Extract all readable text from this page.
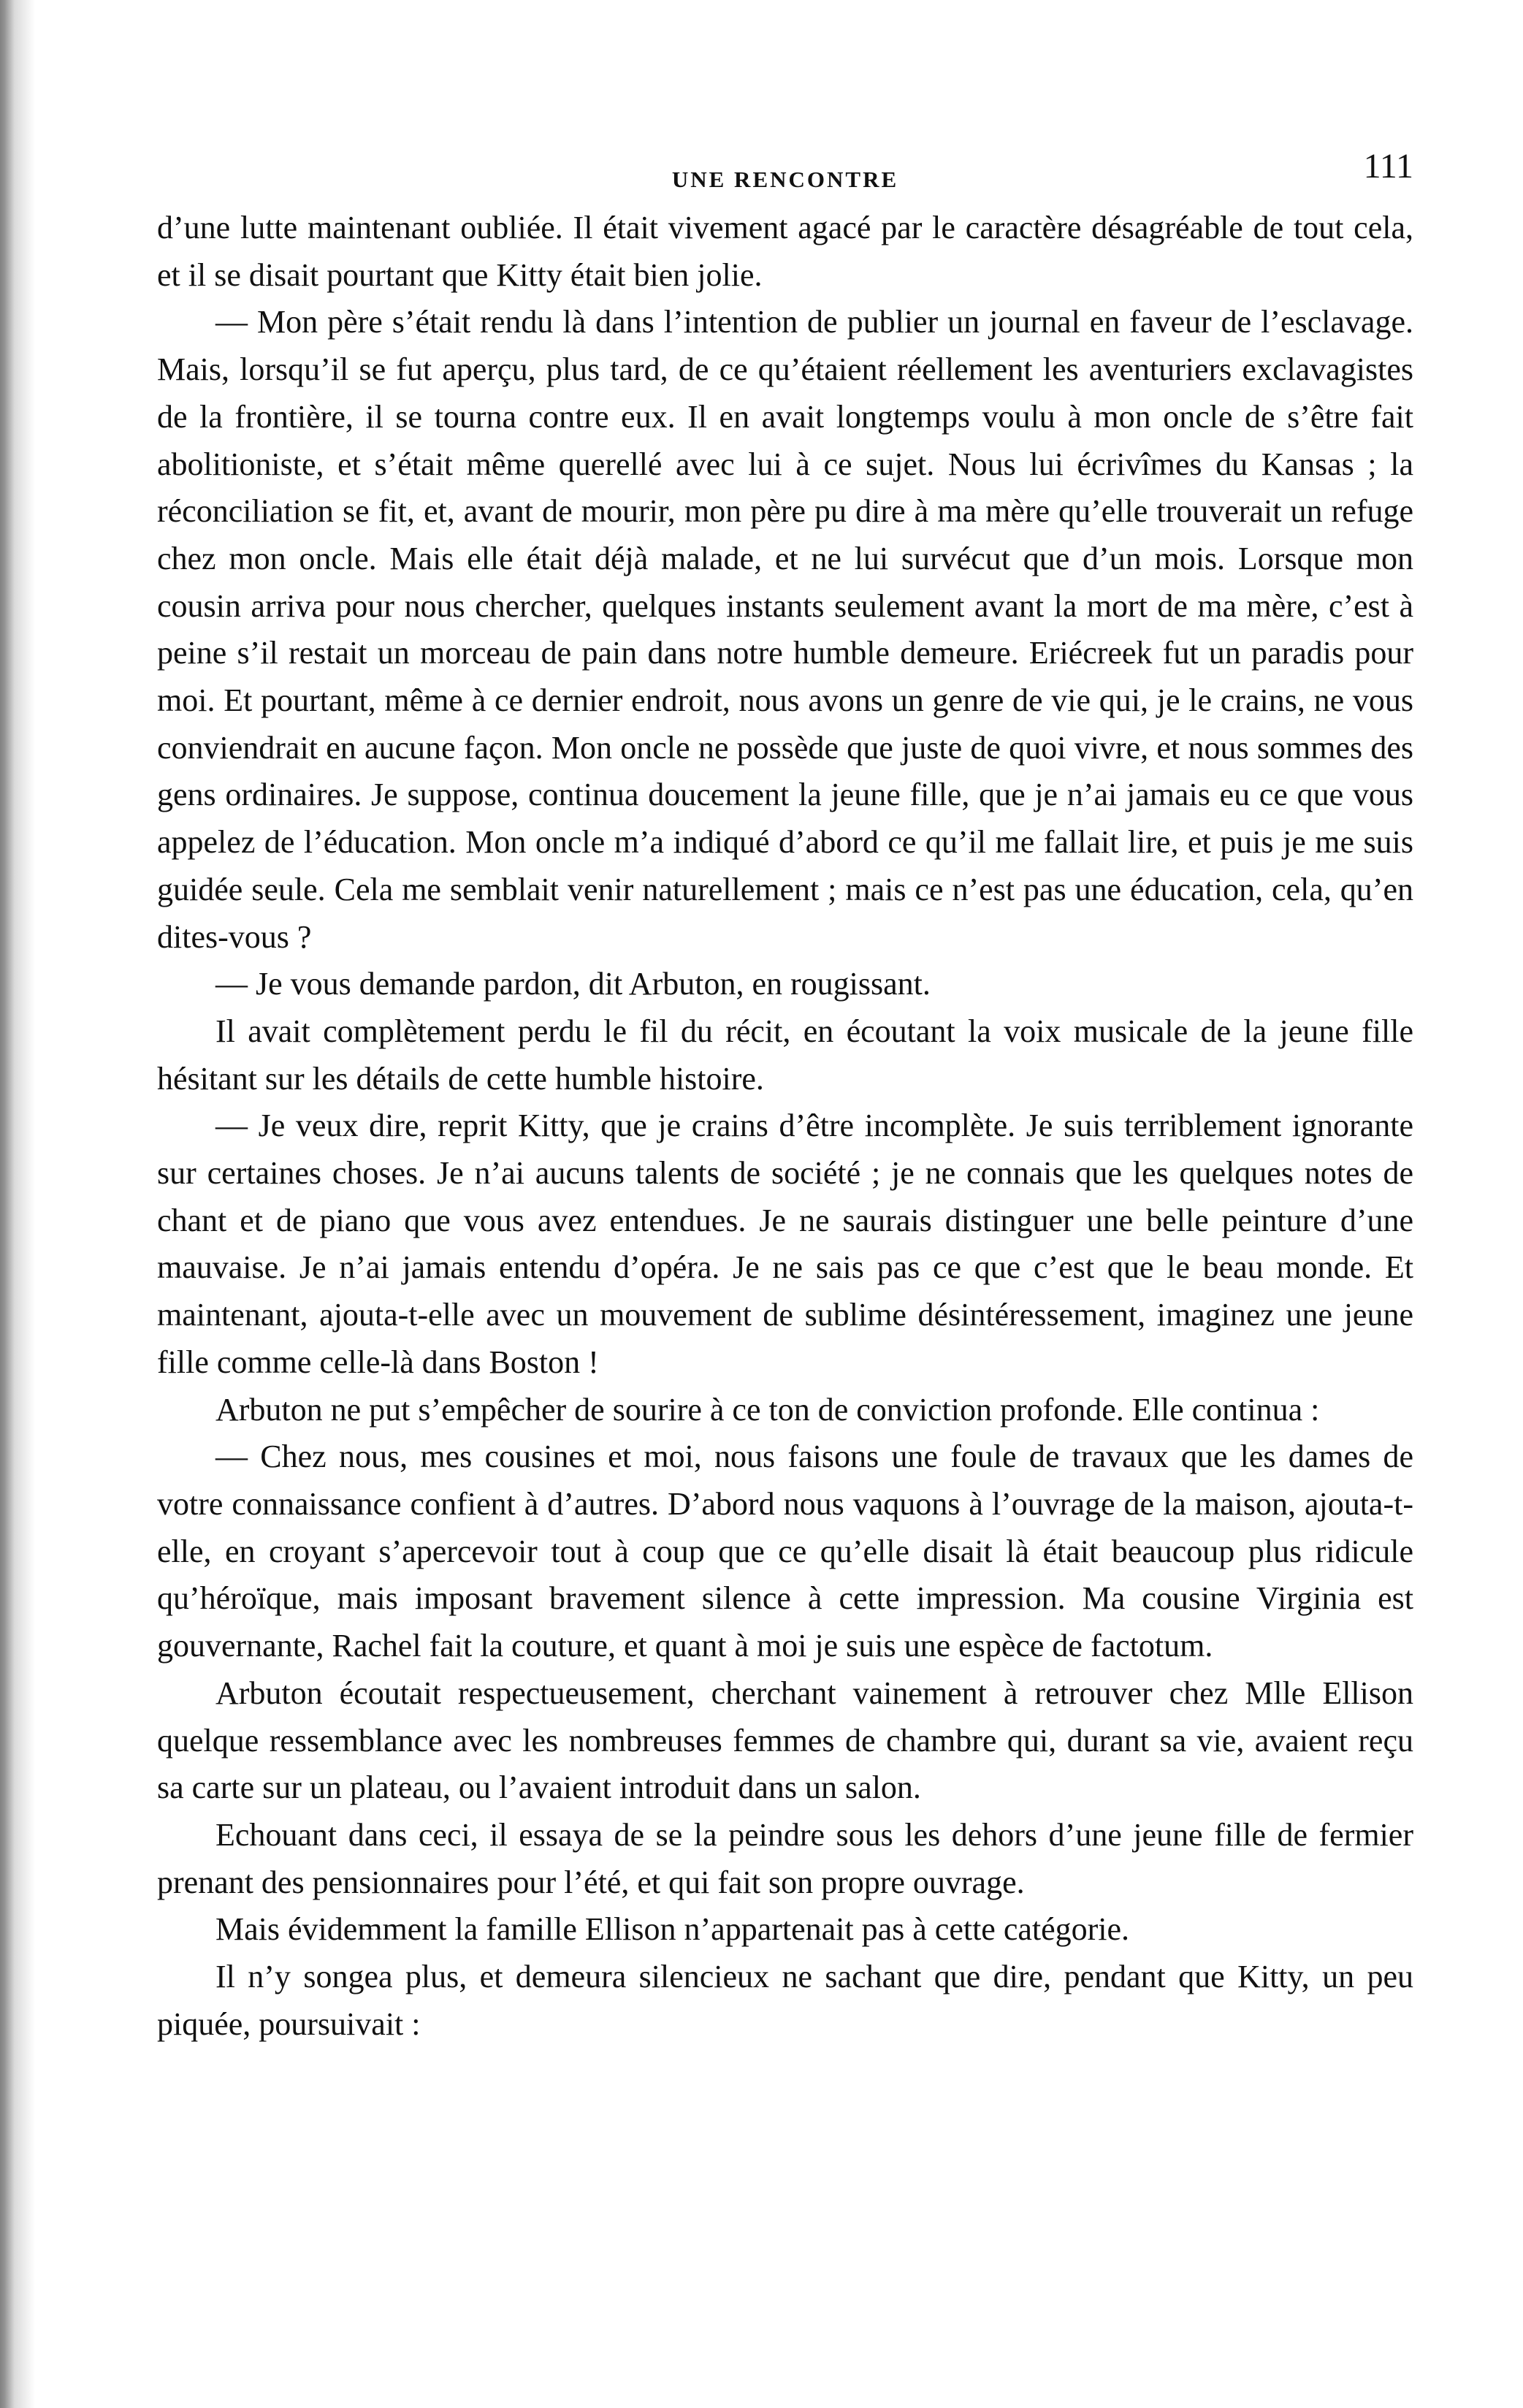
UNE RENCONTRE	111

d’une lutte maintenant oubliée. Il était vivement agacé par le caractère désagréable de tout cela, et il se disait pourtant que Kitty était bien jolie.

— Mon père s’était rendu là dans l’intention de publier un journal en faveur de l’esclavage. Mais, lorsqu’il se fut aperçu, plus tard, de ce qu’étaient réellement les aventuriers exclavagistes de la frontière, il se tourna contre eux. Il en avait longtemps voulu à mon oncle de s’être fait abolitioniste, et s’était même querellé avec lui à ce sujet. Nous lui écrivîmes du Kansas ; la réconciliation se fit, et, avant de mourir, mon père pu dire à ma mère qu’elle trouverait un refuge chez mon oncle. Mais elle était déjà malade, et ne lui survécut que d’un mois. Lorsque mon cousin arriva pour nous chercher, quelques instants seulement avant la mort de ma mère, c’est à peine s’il restait un morceau de pain dans notre humble demeure. Eriécreek fut un paradis pour moi. Et pourtant, même à ce dernier endroit, nous avons un genre de vie qui, je le crains, ne vous conviendrait en aucune façon. Mon oncle ne possède que juste de quoi vivre, et nous sommes des gens ordinaires. Je suppose, continua doucement la jeune fille, que je n’ai jamais eu ce que vous appelez de l’éducation. Mon oncle m’a indiqué d’abord ce qu’il me fallait lire, et puis je me suis guidée seule. Cela me semblait venir naturellement ; mais ce n’est pas une éducation, cela, qu’en dites-vous ?

— Je vous demande pardon, dit Arbuton, en rougissant.

Il avait complètement perdu le fil du récit, en écoutant la voix musicale de la jeune fille hésitant sur les détails de cette humble histoire.

— Je veux dire, reprit Kitty, que je crains d’être incomplète. Je suis terriblement ignorante sur certaines choses. Je n’ai aucuns talents de société ; je ne connais que les quelques notes de chant et de piano que vous avez entendues. Je ne saurais distinguer une belle peinture d’une mauvaise. Je n’ai jamais entendu d’opéra. Je ne sais pas ce que c’est que le beau monde. Et maintenant, ajouta-t-elle avec un mouvement de sublime désintéressement, imaginez une jeune fille comme celle-là dans Boston !

Arbuton ne put s’empêcher de sourire à ce ton de conviction profonde. Elle continua :

— Chez nous, mes cousines et moi, nous faisons une foule de travaux que les dames de votre connaissance confient à d’autres. D’abord nous vaquons à l’ouvrage de la maison, ajouta-t-elle, en croyant s’apercevoir tout à coup que ce qu’elle disait là était beaucoup plus ridicule qu’héroïque, mais imposant bravement silence à cette impression. Ma cousine Virginia est gouvernante, Rachel fait la couture, et quant à moi je suis une espèce de factotum.

Arbuton écoutait respectueusement, cherchant vainement à retrouver chez Mlle Ellison quelque ressemblance avec les nombreuses femmes de chambre qui, durant sa vie, avaient reçu sa carte sur un plateau, ou l’avaient introduit dans un salon.

Echouant dans ceci, il essaya de se la peindre sous les dehors d’une jeune fille de fermier prenant des pensionnaires pour l’été, et qui fait son propre ouvrage.

Mais évidemment la famille Ellison n’appartenait pas à cette catégorie.

Il n’y songea plus, et demeura silencieux ne sachant que dire, pendant que Kitty, un peu piquée, poursuivait :
